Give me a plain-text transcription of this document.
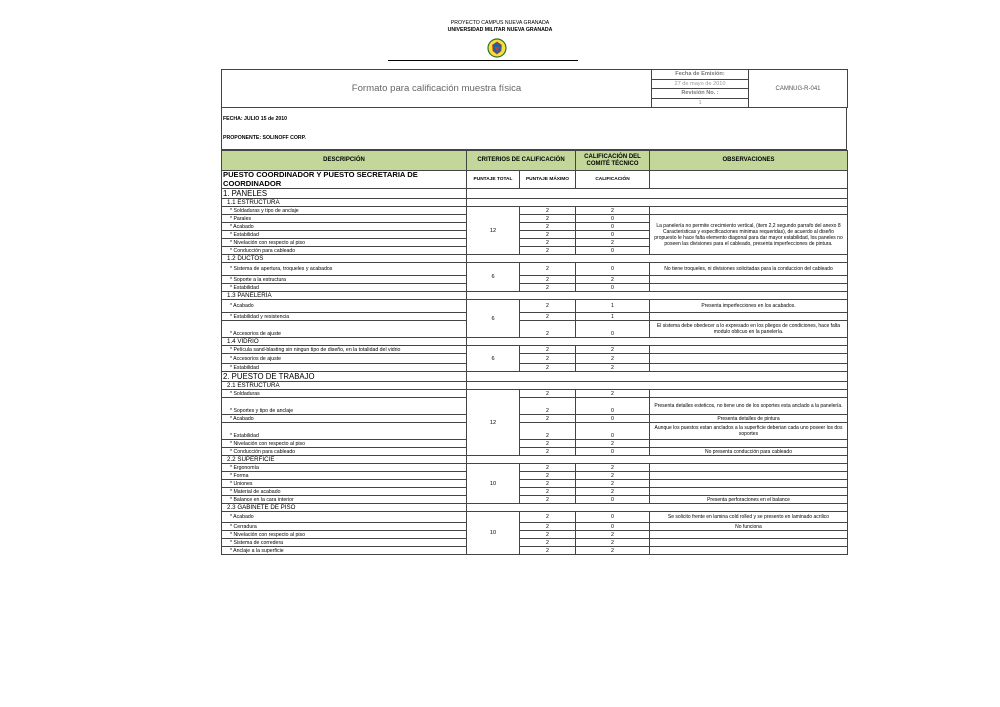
PROYECTO CAMPUS NUEVA GRANADA
UNIVERSIDAD MILITAR NUEVA GRANADA
Formato para calificación muestra física	Fecha de Emisión:	CAMNUG-R-041
27 de mayo de 2010
Revisión No. :
1
FECHA: JULIO 15 de 2010
PROPONENTE: SOLINOFF CORP.
DESCRIPCIÓN	CRITERIOS DE CALIFICACIÓN		CALIFICACIÓN DEL COMITÉ TÉCNICO	OBSERVACIONES
PUESTO COORDINADOR Y PUESTO SECRETARIA DE COORDINADOR	PUNTAJE TOTAL	PUNTAJE MÁXIMO	CALIFICACIÓN	
1. PANELES				
1.1 ESTRUCTURA				
* Soldaduras y tipo de anclaje	12	2	2	
* Parales		2	0	La panelería no permite crecimiento vertical, (item 2,2 segundo parrafo del anexo 8 Caracteristicas y especificaciones minimas requeridas), de acuerdo al diseño propuesto le hace falta elemento diagonal para dar mayor estabilidad, los paneles no poseen las divisiones para el cableado, presenta imperfecciones de pintura.
* Acabado		2	0	
* Estabilidad		2	0	
* Nivelación con respecto al piso		2	2	
* Conducción para cableado		2	0	
1.2 DUCTOS				
* Sistema de apertura, troqueles y acabados	6	2	0	No tiene troqueles, ni divisiones solicitadas para la conduccion del cableado
* Soporte a la estructura		2	2	
* Estabilidad		2	0	
1.3 PANELERÍA				
* Acabado	6	2	1	Presenta imperfecciones en los acabados.
* Estabilidad y resistencia		2	1	
* Accesorios de ajuste		2	0	El sistema debe obedecer a lo expresado en los pliegos de condiciones, hace falta modulo oblicuo en la panelería.
1.4 VIDRIO				
* Película sand-blasting sin ningun tipo de diseño, en la totalidad del vidrio	6	2	2	
* Accesorios de ajuste		2	2	
* Estabilidad		2	2	
2. PUESTO DE TRABAJO				
2.1 ESTRUCTURA				
* Soldaduras	12	2	2	
* Soportes y tipo de anclaje		2	0	Presenta detalles esteticos, no tiene uno de los soportes esta anclado a la panelería.
* Acabado		2	0	Presenta detalles de pintura
* Estabilidad		2	0	Aunque los puestos estan anclados a la superficie deberian cada uno poseer los dos soportes
* Nivelación con respecto al piso		2	2	
* Conducción para cableado		2	0	No presenta conducción para cableado
2.2 SUPERFICIE				
* Ergonomía	10	2	2	
* Forma		2	2	
* Uniones		2	2	
* Material de acabado		2	2	
* Balance en la cara interior		2	0	Presenta perforaciones en el balance
2.3 GABINETE DE PISO				
* Acabado	10	2	0	Se solicito frente en lamina cold rolled y se presento en laminado acrilico
* Cerradura		2	0	No funciona
* Nivelación con respecto al piso		2	2	
* Sistema de corredera		2	2	
* Anclaje a la superficie		2	2	
